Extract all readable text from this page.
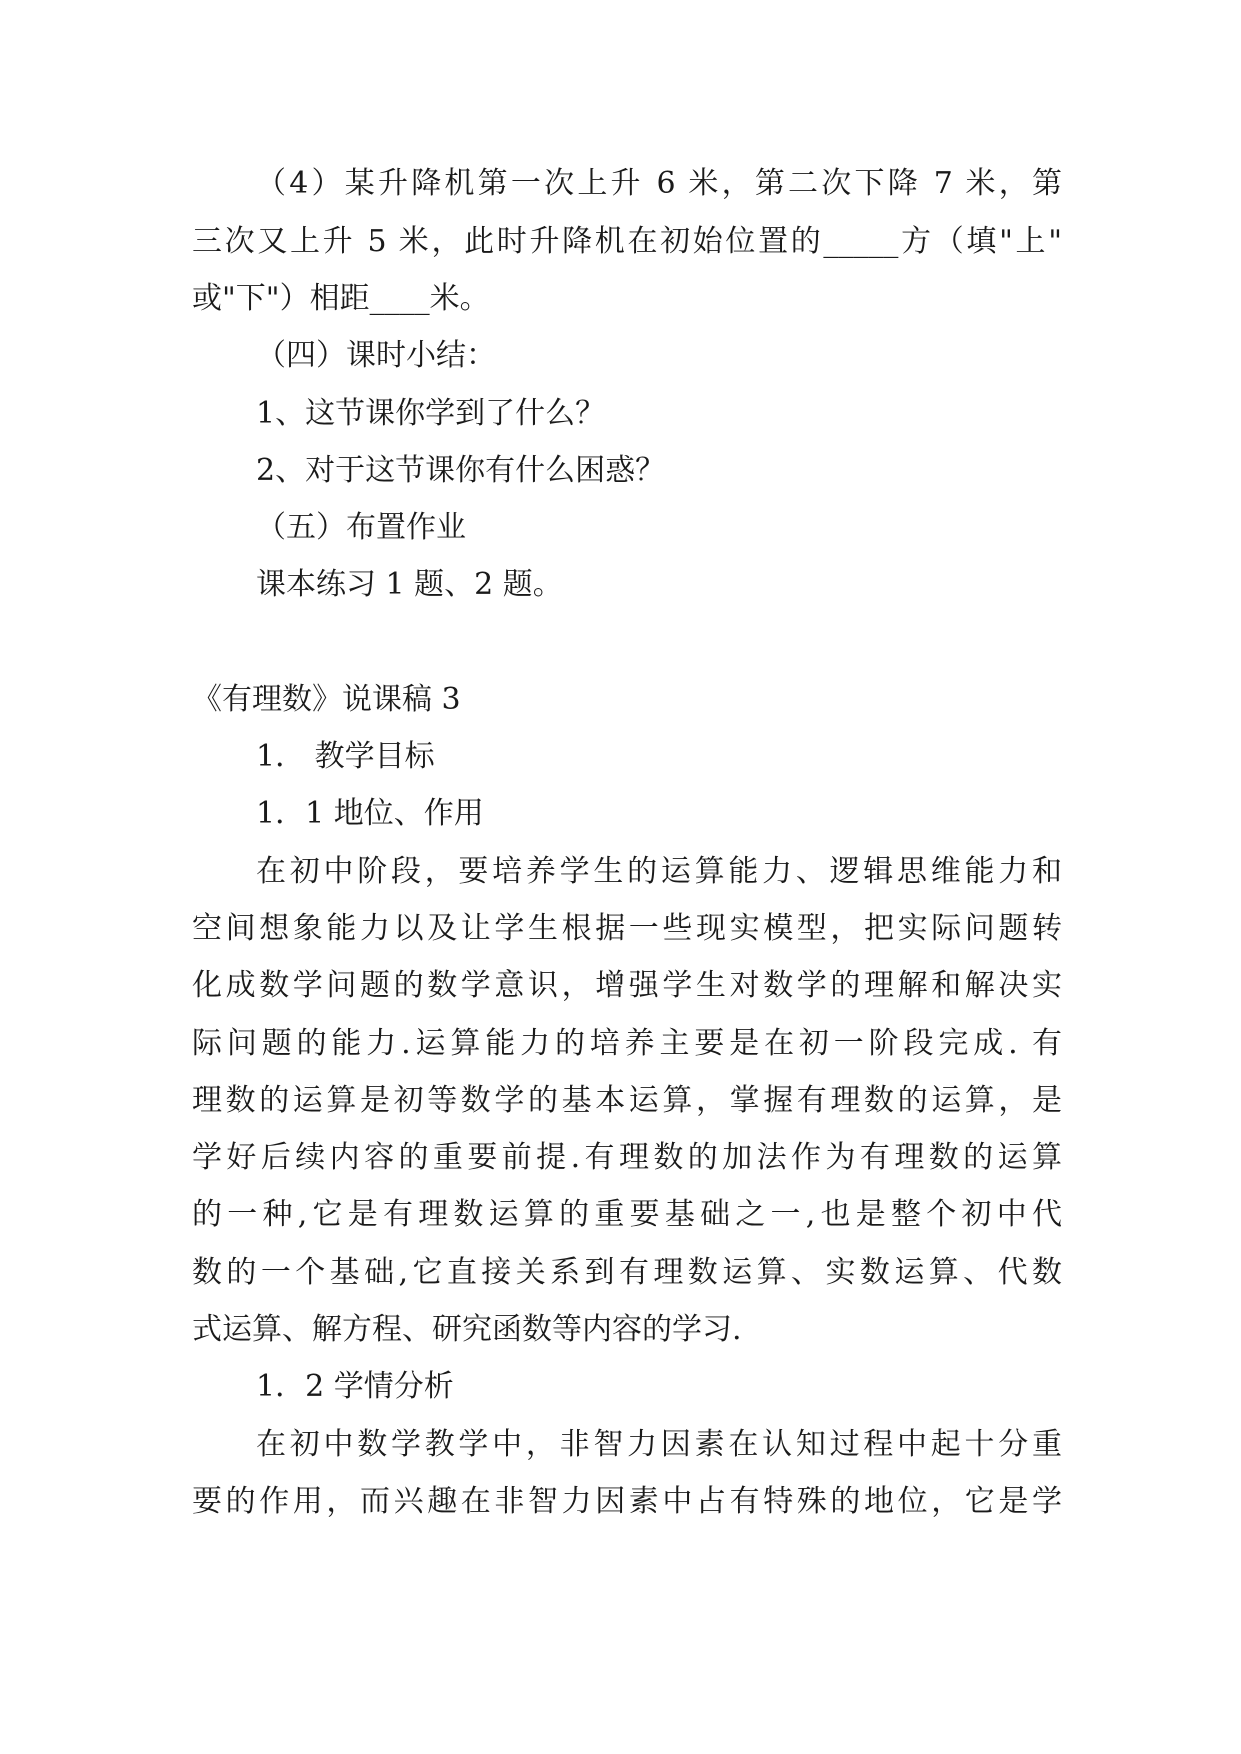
（4）某升降机第一次上升 6 米，第二次下降 7 米，第
三次又上升 5 米，此时升降机在初始位置的_____方（填"上"
或"下"）相距____米。
（四）课时小结：
1、这节课你学到了什么？
2、对于这节课你有什么困惑？
（五）布置作业
课本练习 1 题、2 题。
《有理数》说课稿 3
1． 教学目标
1．1 地位、作用
在初中阶段，要培养学生的运算能力、逻辑思维能力和
空间想象能力以及让学生根据一些现实模型，把实际问题转
化成数学问题的数学意识，增强学生对数学的理解和解决实
际问题的能力.运算能力的培养主要是在初一阶段完成. 有
理数的运算是初等数学的基本运算，掌握有理数的运算，是
学好后续内容的重要前提.有理数的加法作为有理数的运算
的一种,它是有理数运算的重要基础之一,也是整个初中代
数的一个基础,它直接关系到有理数运算、实数运算、代数
式运算、解方程、研究函数等内容的学习.
1．2 学情分析
在初中数学教学中，非智力因素在认知过程中起十分重
要的作用，而兴趣在非智力因素中占有特殊的地位，它是学
